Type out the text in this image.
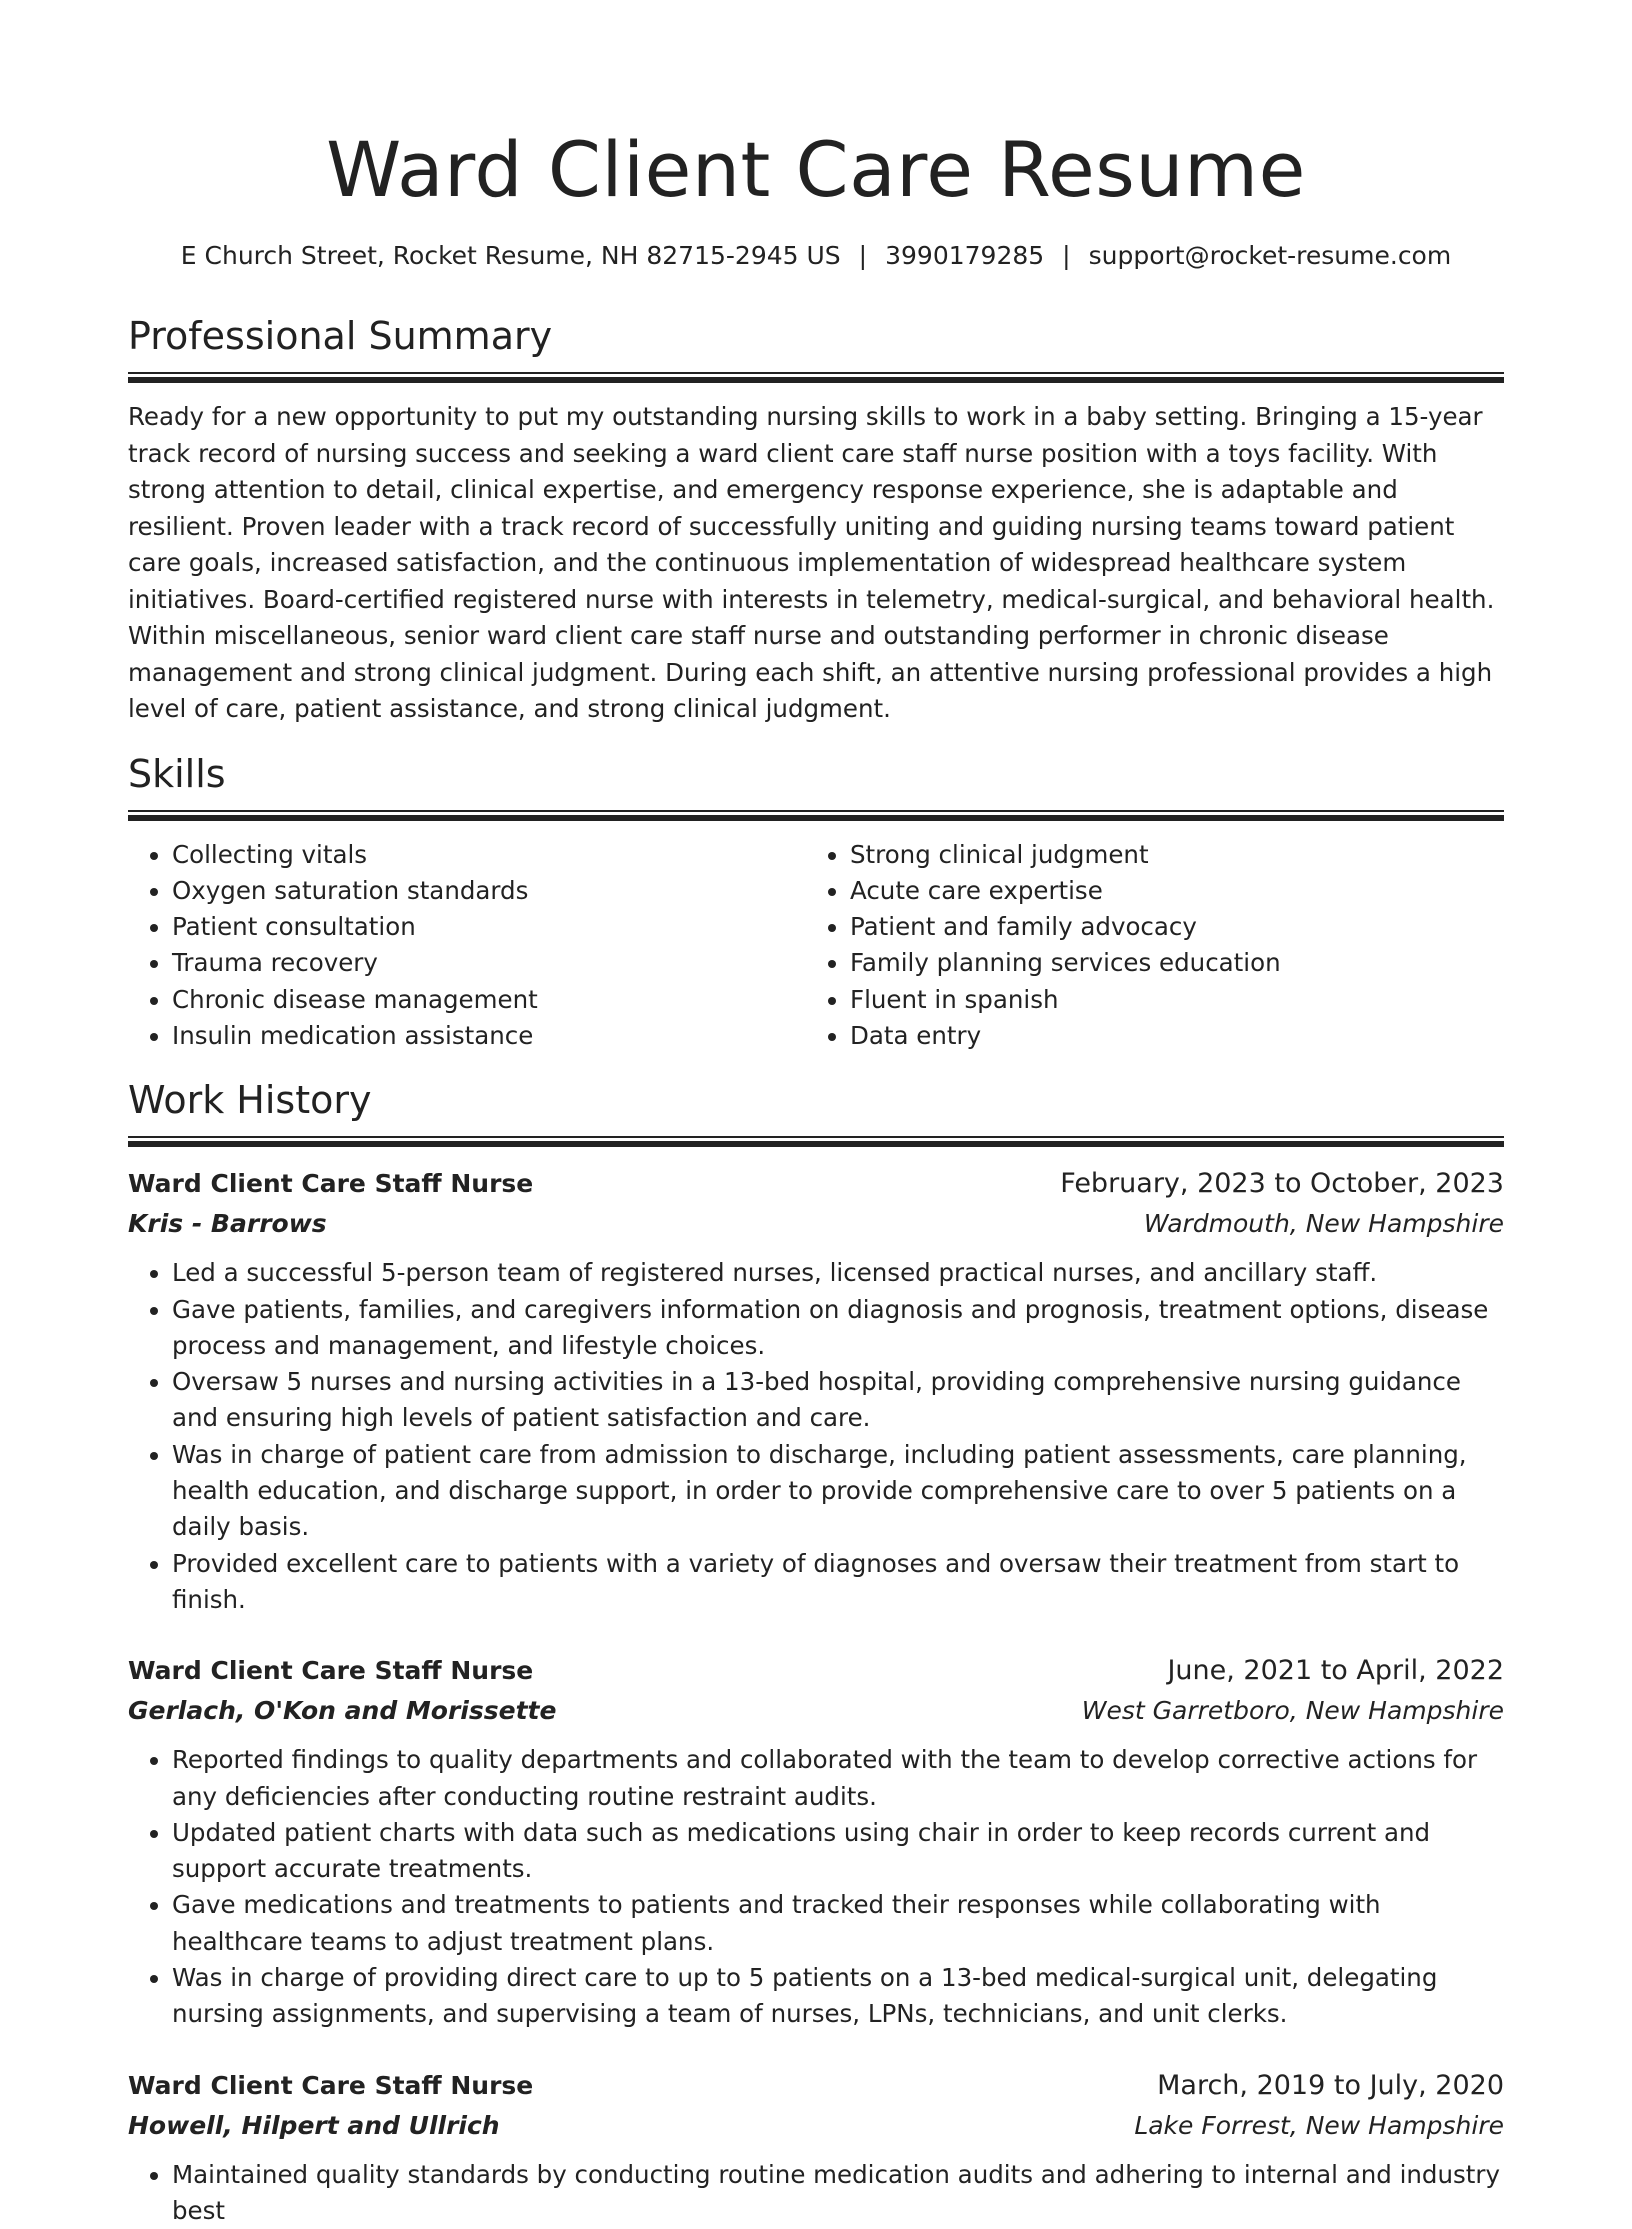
Ward Client Care Resume
E Church Street, Rocket Resume, NH 82715-2945 US | 3990179285 | support@rocket-resume.com
Professional Summary
Ready for a new opportunity to put my outstanding nursing skills to work in a baby setting. Bringing a 15-year track record of nursing success and seeking a ward client care staff nurse position with a toys facility. With strong attention to detail, clinical expertise, and emergency response experience, she is adaptable and resilient. Proven leader with a track record of successfully uniting and guiding nursing teams toward patient care goals, increased satisfaction, and the continuous implementation of widespread healthcare system initiatives. Board-certified registered nurse with interests in telemetry, medical-surgical, and behavioral health. Within miscellaneous, senior ward client care staff nurse and outstanding performer in chronic disease management and strong clinical judgment. During each shift, an attentive nursing professional provides a high level of care, patient assistance, and strong clinical judgment.
Skills
• Collecting vitals
• Oxygen saturation standards
• Patient consultation
• Trauma recovery
• Chronic disease management
• Insulin medication assistance
• Strong clinical judgment
• Acute care expertise
• Patient and family advocacy
• Family planning services education
• Fluent in spanish
• Data entry
Work History
Ward Client Care Staff Nurse	February, 2023 to October, 2023
Kris - Barrows	Wardmouth, New Hampshire
• Led a successful 5-person team of registered nurses, licensed practical nurses, and ancillary staff.
• Gave patients, families, and caregivers information on diagnosis and prognosis, treatment options, disease process and management, and lifestyle choices.
• Oversaw 5 nurses and nursing activities in a 13-bed hospital, providing comprehensive nursing guidance and ensuring high levels of patient satisfaction and care.
• Was in charge of patient care from admission to discharge, including patient assessments, care planning, health education, and discharge support, in order to provide comprehensive care to over 5 patients on a daily basis.
• Provided excellent care to patients with a variety of diagnoses and oversaw their treatment from start to finish.
Ward Client Care Staff Nurse	June, 2021 to April, 2022
Gerlach, O'Kon and Morissette	West Garretboro, New Hampshire
• Reported findings to quality departments and collaborated with the team to develop corrective actions for any deficiencies after conducting routine restraint audits.
• Updated patient charts with data such as medications using chair in order to keep records current and support accurate treatments.
• Gave medications and treatments to patients and tracked their responses while collaborating with healthcare teams to adjust treatment plans.
• Was in charge of providing direct care to up to 5 patients on a 13-bed medical-surgical unit, delegating nursing assignments, and supervising a team of nurses, LPNs, technicians, and unit clerks.
Ward Client Care Staff Nurse	March, 2019 to July, 2020
Howell, Hilpert and Ullrich	Lake Forrest, New Hampshire
• Maintained quality standards by conducting routine medication audits and adhering to internal and industry best
